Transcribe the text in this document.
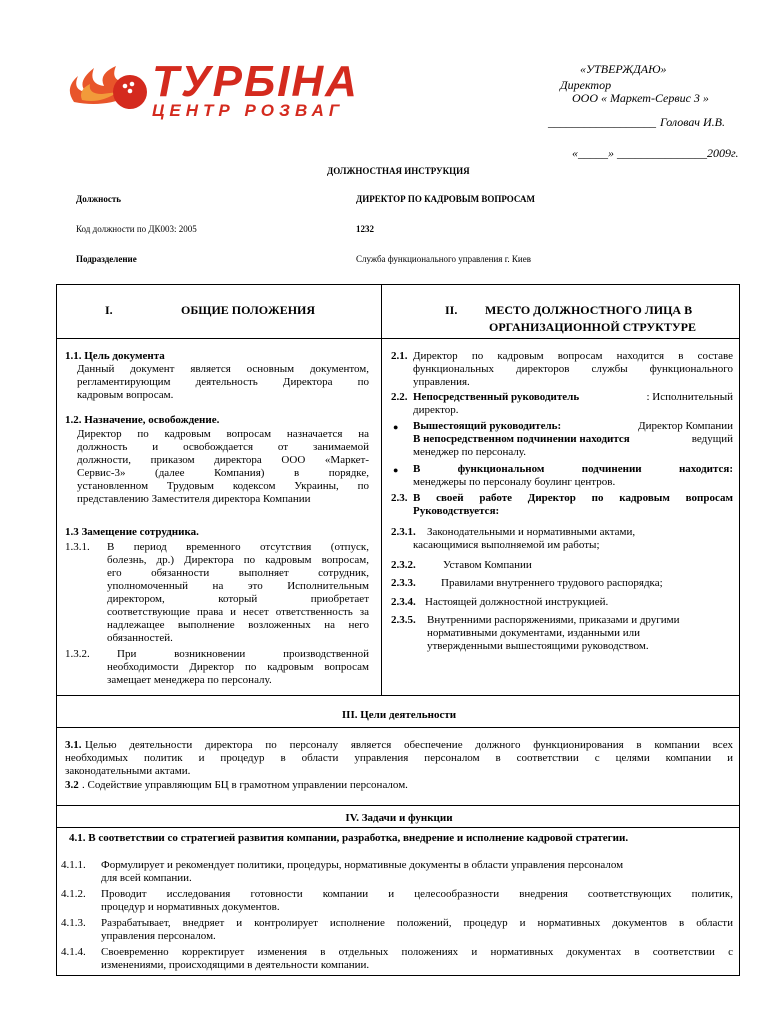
ТУРБІНА
ЦЕНТР РОЗВАГ
«УТВЕРЖДАЮ»
Директор
ООО « Маркет-Сервис 3 »
__________________ Головач И.В.
«_____» _______________2009г.
ДОЛЖНОСТНАЯ ИНСТРУКЦИЯ
Должность	ДИРЕКТОР ПО КАДРОВЫМ ВОПРОСАМ
Код должности по ДК003: 2005	1232
Подразделение	Служба функционального управления г. Киев
I.	ОБЩИЕ ПОЛОЖЕНИЯ	II. МЕСТО ДОЛЖНОСТНОГО ЛИЦА В
ОРГАНИЗАЦИОННОЙ СТРУКТУРЕ
1.1. Цель документа
Данный документ является основным документом,
регламентирующим деятельность Директора по
кадровым вопросам.
1.2. Назначение, освобождение.
Директор по кадровым вопросам назначается на
должность и освобождается от занимаемой
должности, приказом директора ООО «Маркет-
Сервис-3» (далее Компания) в порядке,
установленном Трудовым кодексом Украины, по
представлению Заместителя директора Компании
1.3 Замещение сотрудника.
1.3.1. В период временного отсутствия (отпуск,
болезнь, др.) Директора по кадровым вопросам,
его обязанности выполняет сотрудник,
уполномоченный на это Исполнительным
директором, который приобретает
соответствующие права и несет ответственность за
надлежащее выполнение возложенных на него
обязанностей.
1.3.2. При возникновении производственной
необходимости Директор по кадровым вопросам
замещает менеджера по персоналу.
2.1. Директор по кадровым вопросам находится в составе
функциональных директоров службы функционального
управления.
2.2. Непосредственный руководитель	: Исполнительный
директор.
● Вышестоящий руководитель:	Директор Компании
В непосредственном подчинении находится	ведущий
менеджер по персоналу.
● В функциональном подчинении находится:
менеджеры по персоналу боулинг центров.
2.3. В своей работе Директор по кадровым вопросам
Руководствуется:
2.3.1. Законодательными и нормативными актами,
касающимися выполняемой им работы;
2.3.2. Уставом Компании
2.3.3. Правилами внутреннего трудового распорядка;
2.3.4. Настоящей должностной инструкцией.
2.3.5. Внутренними распоряжениями, приказами и другими
нормативными документами, изданными или
утвержденными вышестоящими руководством.
III. Цели деятельности
3.1. Целью деятельности директора по персоналу является обеспечение должного функционирования в компании всех
необходимых политик и процедур в области управления персоналом в соответствии с целями компании и
законодательными актами.
3.2 . Содействие управляющим БЦ в грамотном управлении персоналом.
IV. Задачи и функции
4.1. В соответствии со стратегией развития компании, разработка, внедрение и исполнение кадровой стратегии.
4.1.1. Формулирует и рекомендует политики, процедуры, нормативные документы в области управления персоналом
для всей компании.
4.1.2. Проводит исследования готовности компании и целесообразности внедрения соответствующих политик,
процедур и нормативных документов.
4.1.3. Разрабатывает, внедряет и контролирует исполнение положений, процедур и нормативных документов в области
управления персоналом.
4.1.4. Своевременно корректирует изменения в отдельных положениях и нормативных документах в соответствии с
изменениями, происходящими в деятельности компании.
